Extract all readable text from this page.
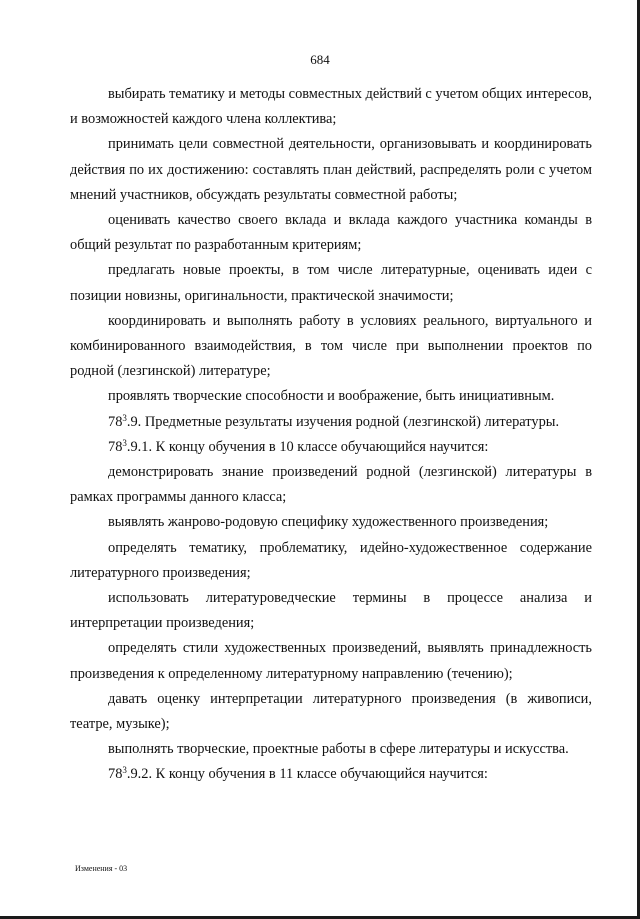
684

выбирать тематику и методы совместных действий с учетом общих интересов, и возможностей каждого члена коллектива;

принимать цели совместной деятельности, организовывать и координировать действия по их достижению: составлять план действий, распределять роли с учетом мнений участников, обсуждать результаты совместной работы;

оценивать качество своего вклада и вклада каждого участника команды в общий результат по разработанным критериям;

предлагать новые проекты, в том числе литературные, оценивать идеи с позиции новизны, оригинальности, практической значимости;

координировать и выполнять работу в условиях реального, виртуального и комбинированного взаимодействия, в том числе при выполнении проектов по родной (лезгинской) литературе;

проявлять творческие способности и воображение, быть инициативным.

$78^3.9$. Предметные результаты изучения родной (лезгинской) литературы.

$78^3.9.1$. К концу обучения в 10 классе обучающийся научится:

демонстрировать знание произведений родной (лезгинской) литературы в рамках программы данного класса;

выявлять жанрово-родовую специфику художественного произведения;

определять тематику, проблематику, идейно-художественное содержание литературного произведения;

использовать литературоведческие термины в процессе анализа и интерпретации произведения;

определять стили художественных произведений, выявлять принадлежность произведения к определенному литературному направлению (течению);

давать оценку интерпретации литературного произведения (в живописи, театре, музыке);

выполнять творческие, проектные работы в сфере литературы и искусства.

$78^3.9.2$. К концу обучения в 11 классе обучающийся научится:

Изменения - 03
